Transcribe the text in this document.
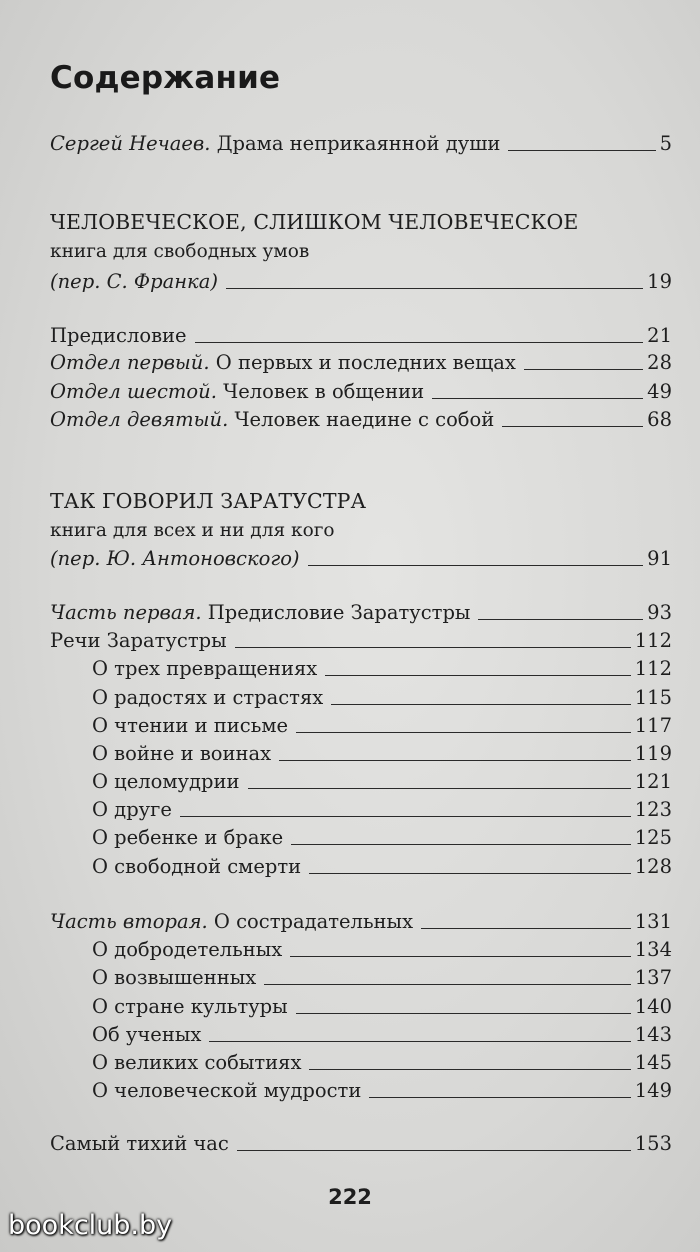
Содержание
Сергей Нечаев. Драма неприкаянной души	5
ЧЕЛОВЕЧЕСКОЕ, СЛИШКОМ ЧЕЛОВЕЧЕСКОЕ
книга для свободных умов
(пер. С. Франка)	19
Предисловие	21
Отдел первый. О первых и последних вещах	28
Отдел шестой. Человек в общении	49
Отдел девятый. Человек наедине с собой	68
ТАК ГОВОРИЛ ЗАРАТУСТРА
книга для всех и ни для кого
(пер. Ю. Антоновского)	91
Часть первая. Предисловие Заратустры	93
Речи Заратустры	112
О трех превращениях	112
О радостях и страстях	115
О чтении и письме	117
О войне и воинах	119
О целомудрии	121
О друге	123
О ребенке и браке	125
О свободной смерти	128
Часть вторая. О сострадательных	131
О добродетельных	134
О возвышенных	137
О стране культуры	140
Об ученых	143
О великих событиях	145
О человеческой мудрости	149
Самый тихий час	153
222
bookclub.by
